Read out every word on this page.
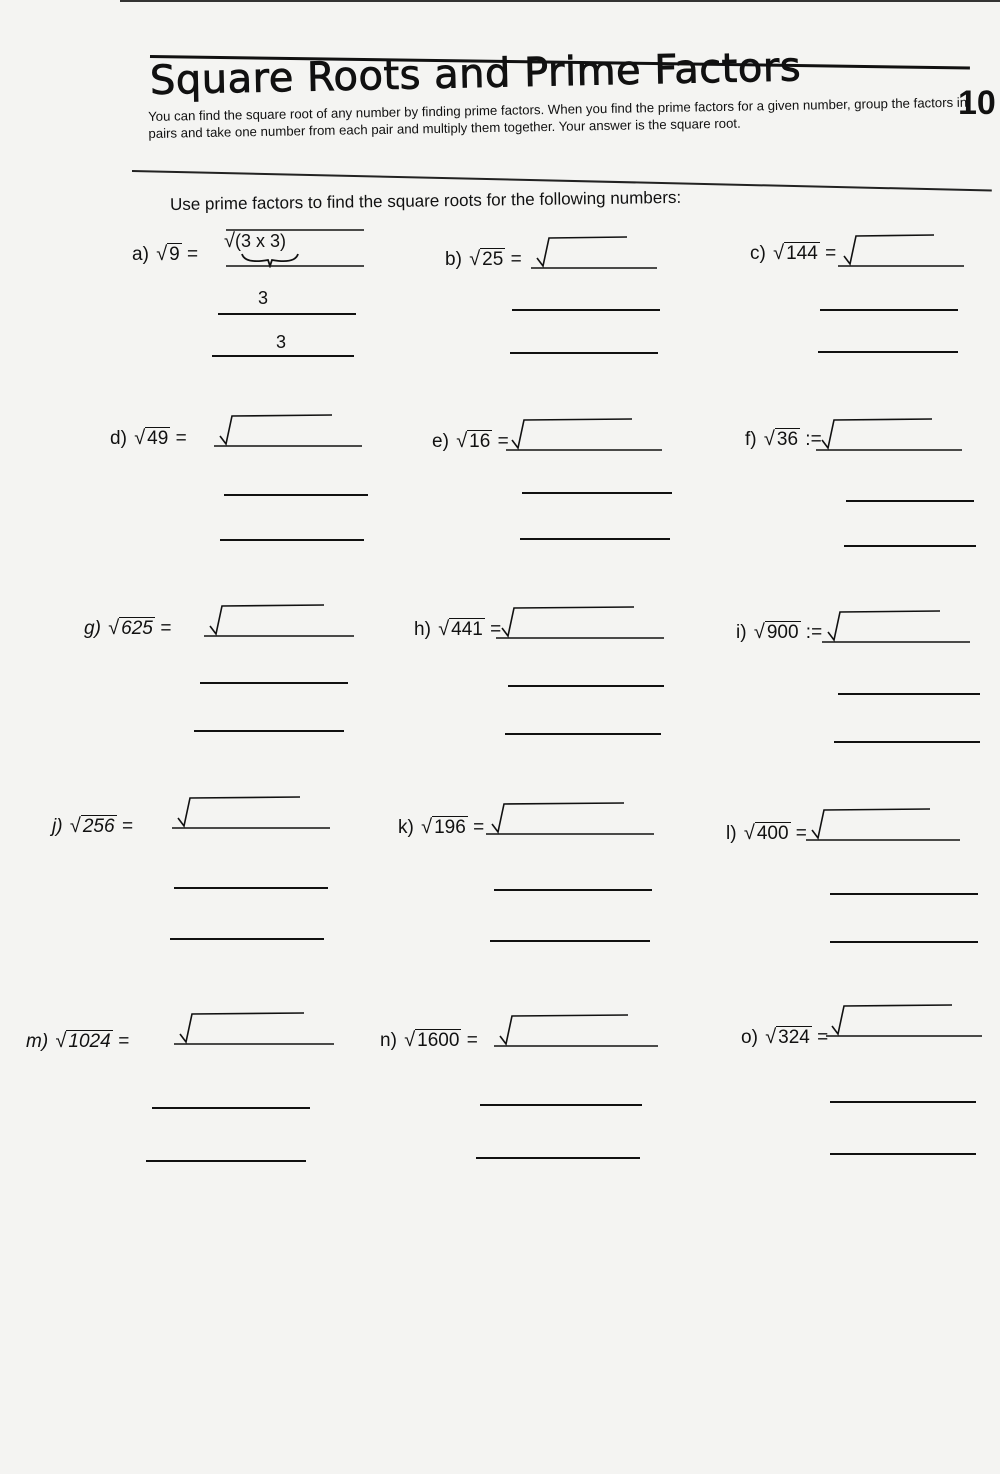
Square Roots and Prime Factors	10
You can find the square root of any number by finding prime factors. When you find the prime factors for a given number, group the factors in pairs and take one number from each pair and multiply them together. Your answer is the square root.
Use prime factors to find the square roots for the following numbers:
a) √ 9 =	b) √ 25 =	c) √ 144 =
d) √ 49 =	e) √ 16 =	f) √ 36 :=
g) √ 625 =	h) √ 441 =	i) √ 900 :=
j) √ 256 =	k) √ 196 =	l) √ 400 =
m) √ 1024 =	n) √ 1600 =	o) √ 324 =
√(3 x 3)
3
3
